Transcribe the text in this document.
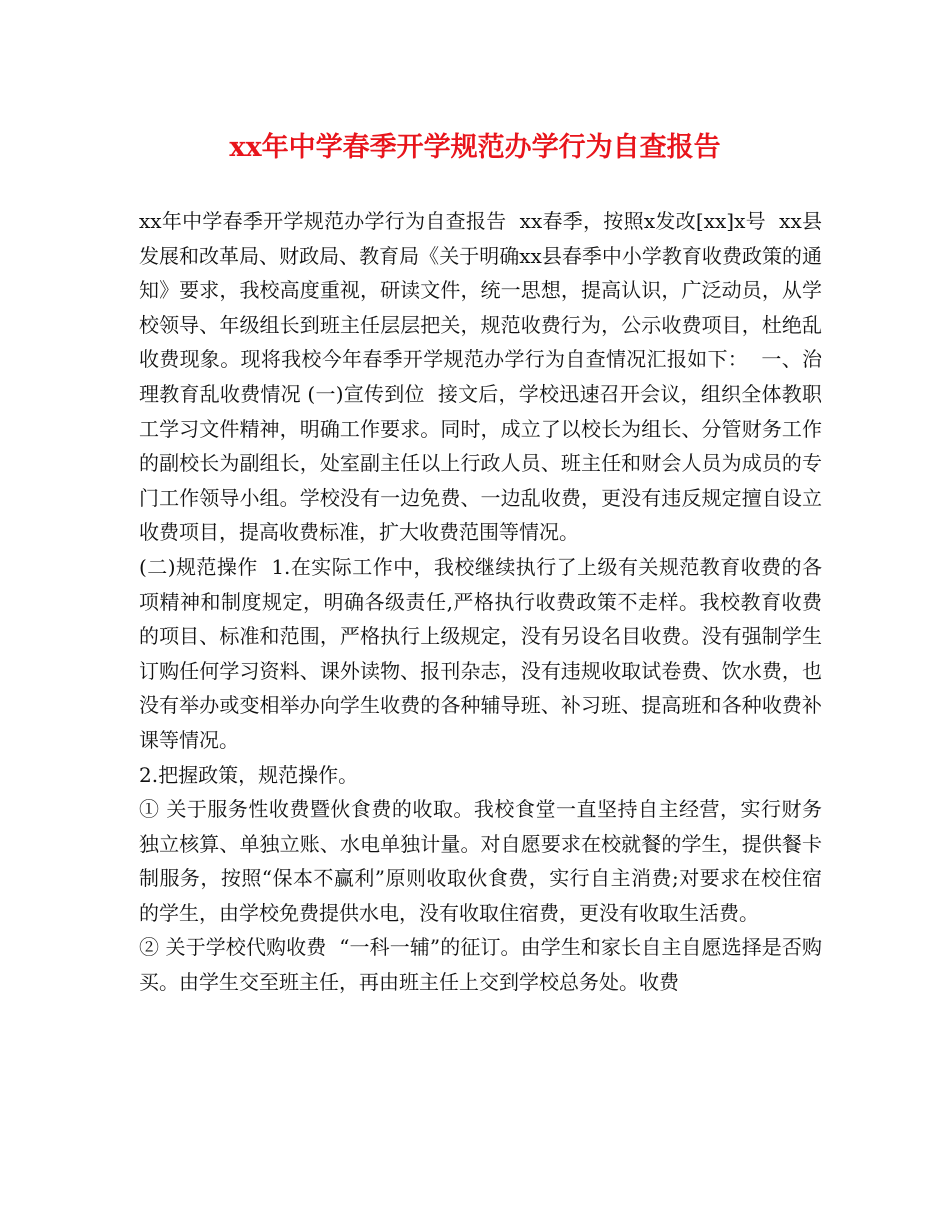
xx年中学春季开学规范办学行为自查报告

xx年中学春季开学规范办学行为自查报告  xx春季，按照x发改[xx]x号  xx县发展和改革局、财政局、教育局《关于明确xx县春季中小学教育收费政策的通知》要求，我校高度重视，研读文件，统一思想，提高认识，广泛动员，从学校领导、年级组长到班主任层层把关，规范收费行为，公示收费项目，杜绝乱收费现象。现将我校今年春季开学规范办学行为自查情况汇报如下：  一、治理教育乱收费情况 (一)宣传到位  接文后，学校迅速召开会议，组织全体教职工学习文件精神，明确工作要求。同时，成立了以校长为组长、分管财务工作的副校长为副组长，处室副主任以上行政人员、班主任和财会人员为成员的专门工作领导小组。学校没有一边免费、一边乱收费，更没有违反规定擅自设立收费项目，提高收费标准，扩大收费范围等情况。

(二)规范操作  1.在实际工作中，我校继续执行了上级有关规范教育收费的各项精神和制度规定，明确各级责任,严格执行收费政策不走样。我校教育收费的项目、标准和范围，严格执行上级规定，没有另设名目收费。没有强制学生订购任何学习资料、课外读物、报刊杂志，没有违规收取试卷费、饮水费，也没有举办或变相举办向学生收费的各种辅导班、补习班、提高班和各种收费补课等情况。

2.把握政策，规范操作。

① 关于服务性收费暨伙食费的收取。我校食堂一直坚持自主经营，实行财务独立核算、单独立账、水电单独计量。对自愿要求在校就餐的学生，提供餐卡制服务，按照“保本不赢利”原则收取伙食费，实行自主消费;对要求在校住宿的学生，由学校免费提供水电，没有收取住宿费，更没有收取生活费。

② 关于学校代购收费  “一科一辅”的征订。由学生和家长自主自愿选择是否购买。由学生交至班主任，再由班主任上交到学校总务处。收费
